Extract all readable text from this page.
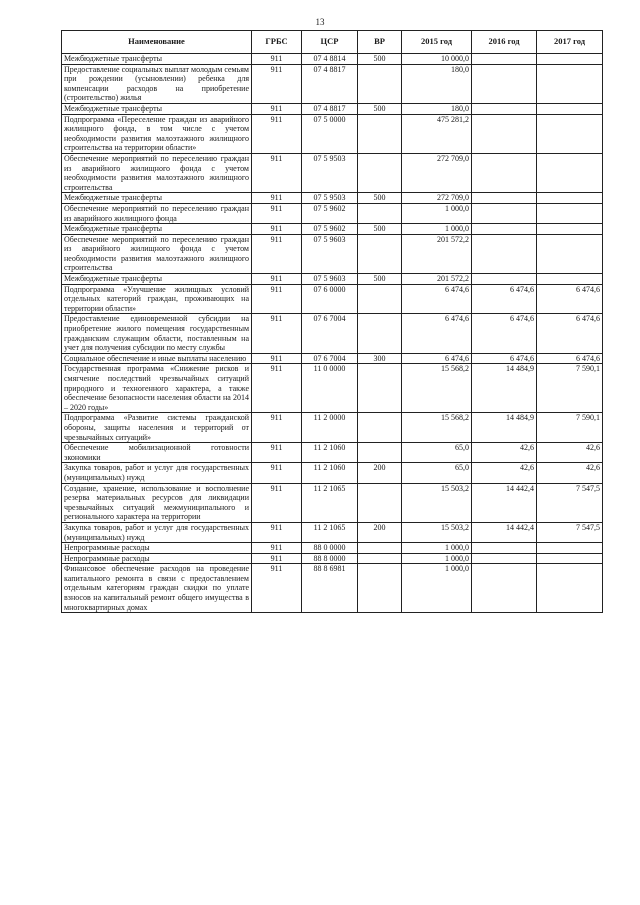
13
Наименование	ГРБС	ЦСР	ВР	2015 год	2016 год	2017 год
Межбюджетные трансферты	911	07 4 8814	500	10 000,0		
Предоставление социальных выплат молодым семьям при рождении (усыновлении) ребенка для компенсации расходов на приобретение (строительство) жилья	911	07 4 8817		180,0		
Межбюджетные трансферты	911	07 4 8817	500	180,0		
Подпрограмма «Переселение граждан из аварийного жилищного фонда, в том числе с учетом необходимости развития малоэтажного жилищного строительства на территории области»	911	07 5 0000		475 281,2		
Обеспечение мероприятий по переселению граждан из аварийного жилищного фонда с учетом необходимости развития малоэтажного жилищного строительства	911	07 5 9503		272 709,0		
Межбюджетные трансферты	911	07 5 9503	500	272 709,0		
Обеспечение мероприятий по переселению граждан из аварийного жилищного фонда	911	07 5 9602		1 000,0		
Межбюджетные трансферты	911	07 5 9602	500	1 000,0		
Обеспечение мероприятий по переселению граждан из аварийного жилищного фонда с учетом необходимости развития малоэтажного жилищного строительства	911	07 5 9603		201 572,2		
Межбюджетные трансферты	911	07 5 9603	500	201 572,2		
Подпрограмма «Улучшение жилищных условий отдельных категорий граждан, проживающих на территории области»	911	07 6 0000		6 474,6	6 474,6	6 474,6
Предоставление единовременной субсидии на приобретение жилого помещения государственным гражданским служащим области, поставленным на учет для получения субсидии по месту службы	911	07 6 7004		6 474,6	6 474,6	6 474,6
Социальное обеспечение и иные выплаты населению	911	07 6 7004	300	6 474,6	6 474,6	6 474,6
Государственная программа «Снижение рисков и смягчение последствий чрезвычайных ситуаций природного и техногенного характера, а также обеспечение безопасности населения области на 2014 – 2020 годы»	911	11 0 0000		15 568,2	14 484,9	7 590,1
Подпрограмма «Развитие системы гражданской обороны, защиты населения и территорий от чрезвычайных ситуаций»	911	11 2 0000		15 568,2	14 484,9	7 590,1
Обеспечение мобилизационной готовности экономики	911	11 2 1060		65,0	42,6	42,6
Закупка товаров, работ и услуг для государственных (муниципальных) нужд	911	11 2 1060	200	65,0	42,6	42,6
Создание, хранение, использование и восполнение резерва материальных ресурсов для ликвидации чрезвычайных ситуаций межмуниципального и регионального характера на территории	911	11 2 1065		15 503,2	14 442,4	7 547,5
Закупка товаров, работ и услуг для государственных (муниципальных) нужд	911	11 2 1065	200	15 503,2	14 442,4	7 547,5
Непрограммные расходы	911	88 0 0000		1 000,0		
Непрограммные расходы	911	88 8 0000		1 000,0		
Финансовое обеспечение расходов на проведение капитального ремонта в связи с предоставлением отдельным категориям граждан скидки по уплате взносов на капитальный ремонт общего имущества в многоквартирных домах	911	88 8 6981		1 000,0		
